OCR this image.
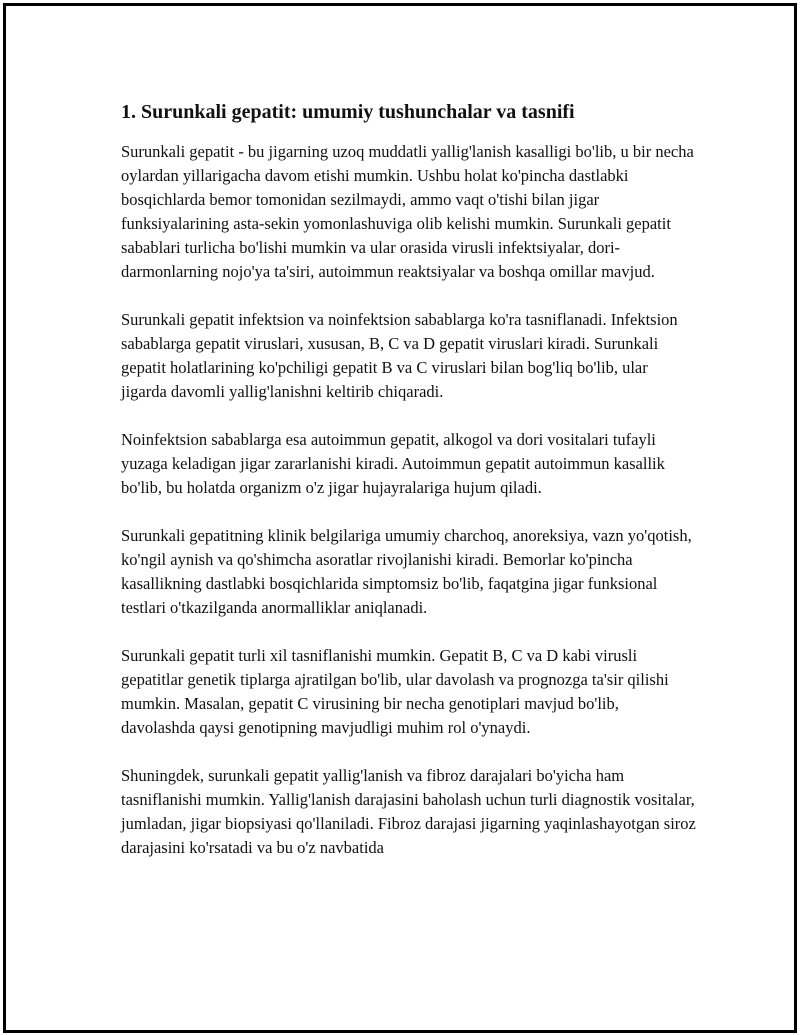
1. Surunkali gepatit: umumiy tushunchalar va tasnifi

Surunkali gepatit - bu jigarning uzoq muddatli yallig'lanish kasalligi bo'lib, u bir necha oylardan yillarigacha davom etishi mumkin. Ushbu holat ko'pincha dastlabki bosqichlarda bemor tomonidan sezilmaydi, ammo vaqt o'tishi bilan jigar funksiyalarining asta-sekin yomonlashuviga olib kelishi mumkin. Surunkali gepatit sabablari turlicha bo'lishi mumkin va ular orasida virusli infektsiyalar, dori-darmonlarning nojo'ya ta'siri, autoimmun reaktsiyalar va boshqa omillar mavjud.

Surunkali gepatit infektsion va noinfektsion sabablarga ko'ra tasniflanadi. Infektsion sabablarga gepatit viruslari, xususan, B, C va D gepatit viruslari kiradi. Surunkali gepatit holatlarining ko'pchiligi gepatit B va C viruslari bilan bog'liq bo'lib, ular jigarda davomli yallig'lanishni keltirib chiqaradi.

Noinfektsion sabablarga esa autoimmun gepatit, alkogol va dori vositalari tufayli yuzaga keladigan jigar zararlanishi kiradi. Autoimmun gepatit autoimmun kasallik bo'lib, bu holatda organizm o'z jigar hujayralariga hujum qiladi.

Surunkali gepatitning klinik belgilariga umumiy charchoq, anoreksiya, vazn yo'qotish, ko'ngil aynish va qo'shimcha asoratlar rivojlanishi kiradi. Bemorlar ko'pincha kasallikning dastlabki bosqichlarida simptomsiz bo'lib, faqatgina jigar funksional testlari o'tkazilganda anormalliklar aniqlanadi.

Surunkali gepatit turli xil tasniflanishi mumkin. Gepatit B, C va D kabi virusli gepatitlar genetik tiplarga ajratilgan bo'lib, ular davolash va prognozga ta'sir qilishi mumkin. Masalan, gepatit C virusining bir necha genotiplari mavjud bo'lib, davolashda qaysi genotipning mavjudligi muhim rol o'ynaydi.

Shuningdek, surunkali gepatit yallig'lanish va fibroz darajalari bo'yicha ham tasniflanishi mumkin. Yallig'lanish darajasini baholash uchun turli diagnostik vositalar, jumladan, jigar biopsiyasi qo'llaniladi. Fibroz darajasi jigarning yaqinlashayotgan siroz darajasini ko'rsatadi va bu o'z navbatida
